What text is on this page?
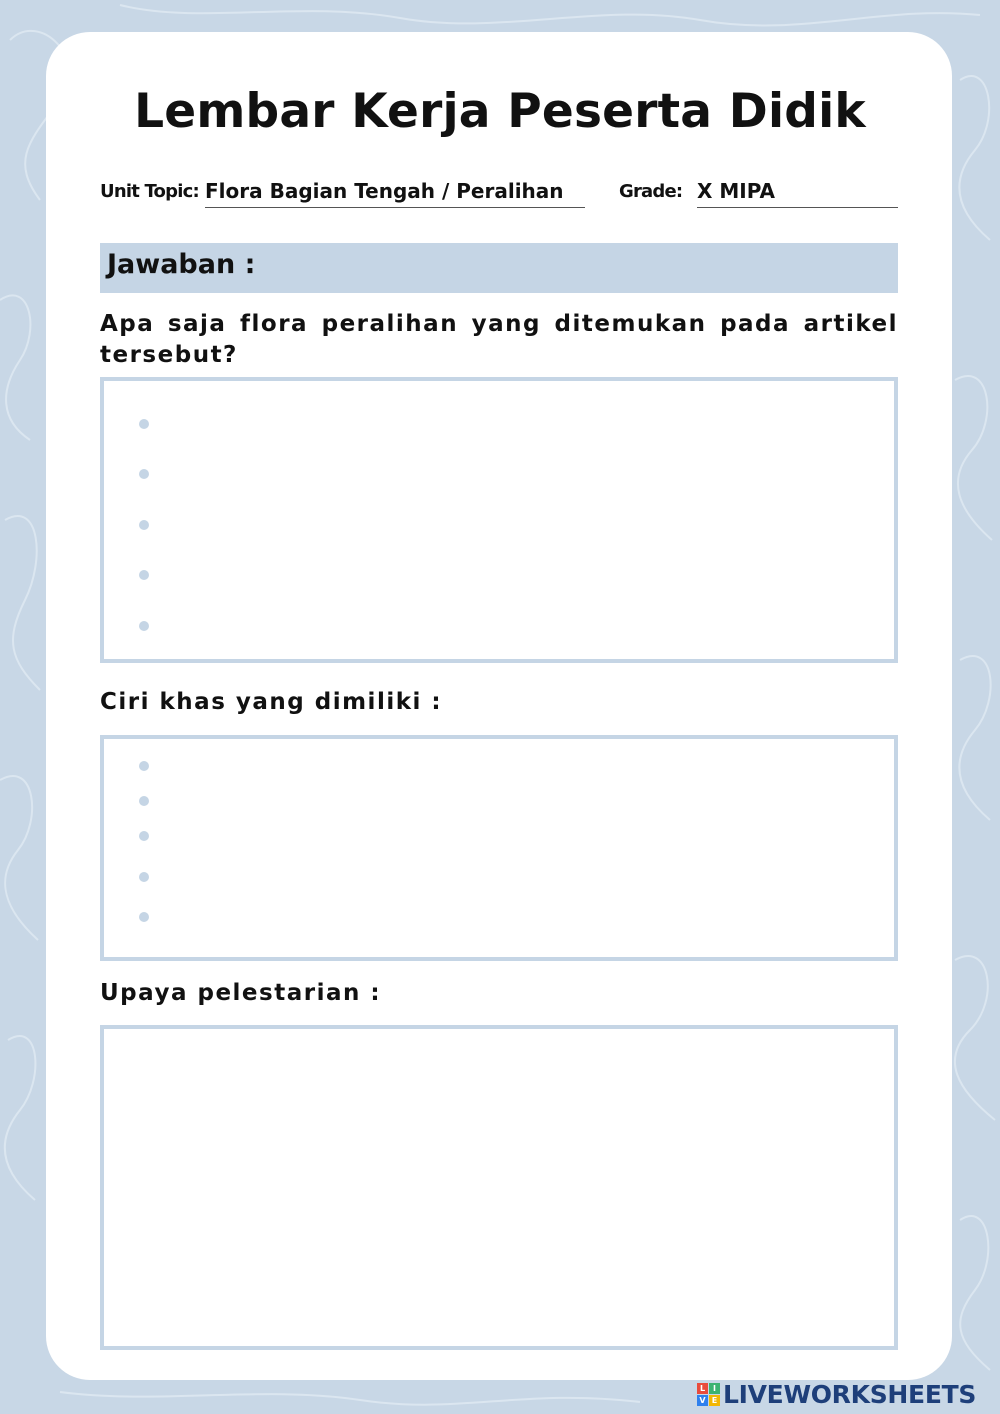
Lembar Kerja Peserta Didik
Unit Topic: Flora Bagian Tengah / Peralihan	Grade: X MIPA
Jawaban :
Apa saja flora peralihan yang ditemukan pada artikel tersebut?
Ciri khas yang dimiliki :
Upaya pelestarian :
L I
V E LIVEWORKSHEETS
